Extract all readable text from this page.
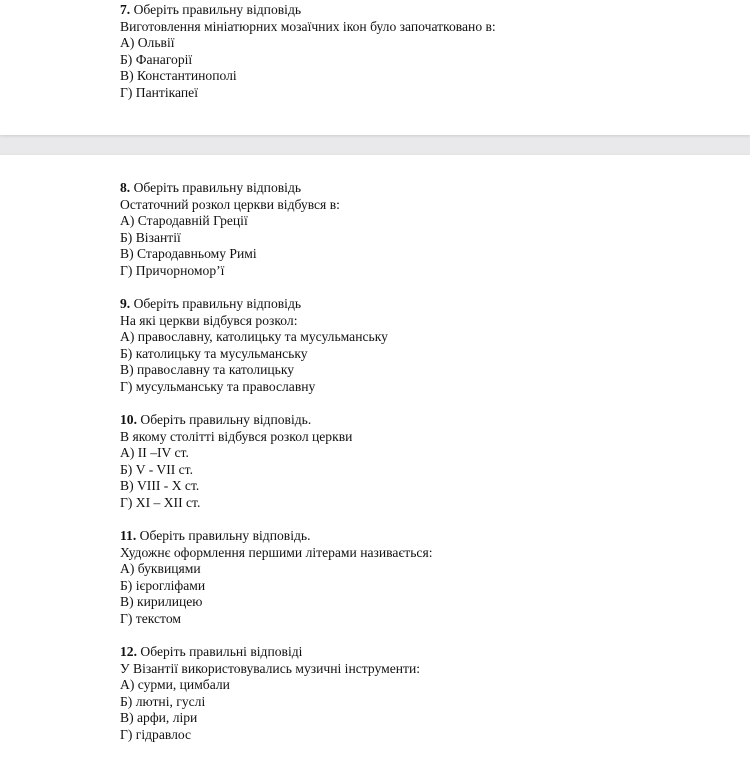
7. Оберіть правильну відповідь
Виготовлення мініатюрних мозаїчних ікон було започатковано в:
А) Ольвії
Б) Фанагорії
В) Константинополі
Г) Пантікапеї
8. Оберіть правильну відповідь
Остаточний розкол церкви відбувся в:
А) Стародавній Греції
Б) Візантії
В) Стародавньому Римі
Г) Причорномор’ї
9. Оберіть правильну відповідь
На які церкви відбувся розкол:
А) православну, католицьку та мусульманську
Б) католицьку та мусульманську
В) православну та католицьку
Г) мусульманську та православну
10. Оберіть правильну відповідь.
В якому столітті відбувся розкол церкви
А) II –IV ст.
Б) V - VII ст.
В) VIII - X ст.
Г) XI – XII ст.
11. Оберіть правильну відповідь.
Художнє оформлення першими літерами називається:
А) буквицями
Б) ієрогліфами
В) кирилицею
Г) текстом
12. Оберіть правильні відповіді
У Візантії використовувались музичні інструменти:
А) сурми, цимбали
Б) лютні, гуслі
В) арфи, ліри
Г) гідравлос
